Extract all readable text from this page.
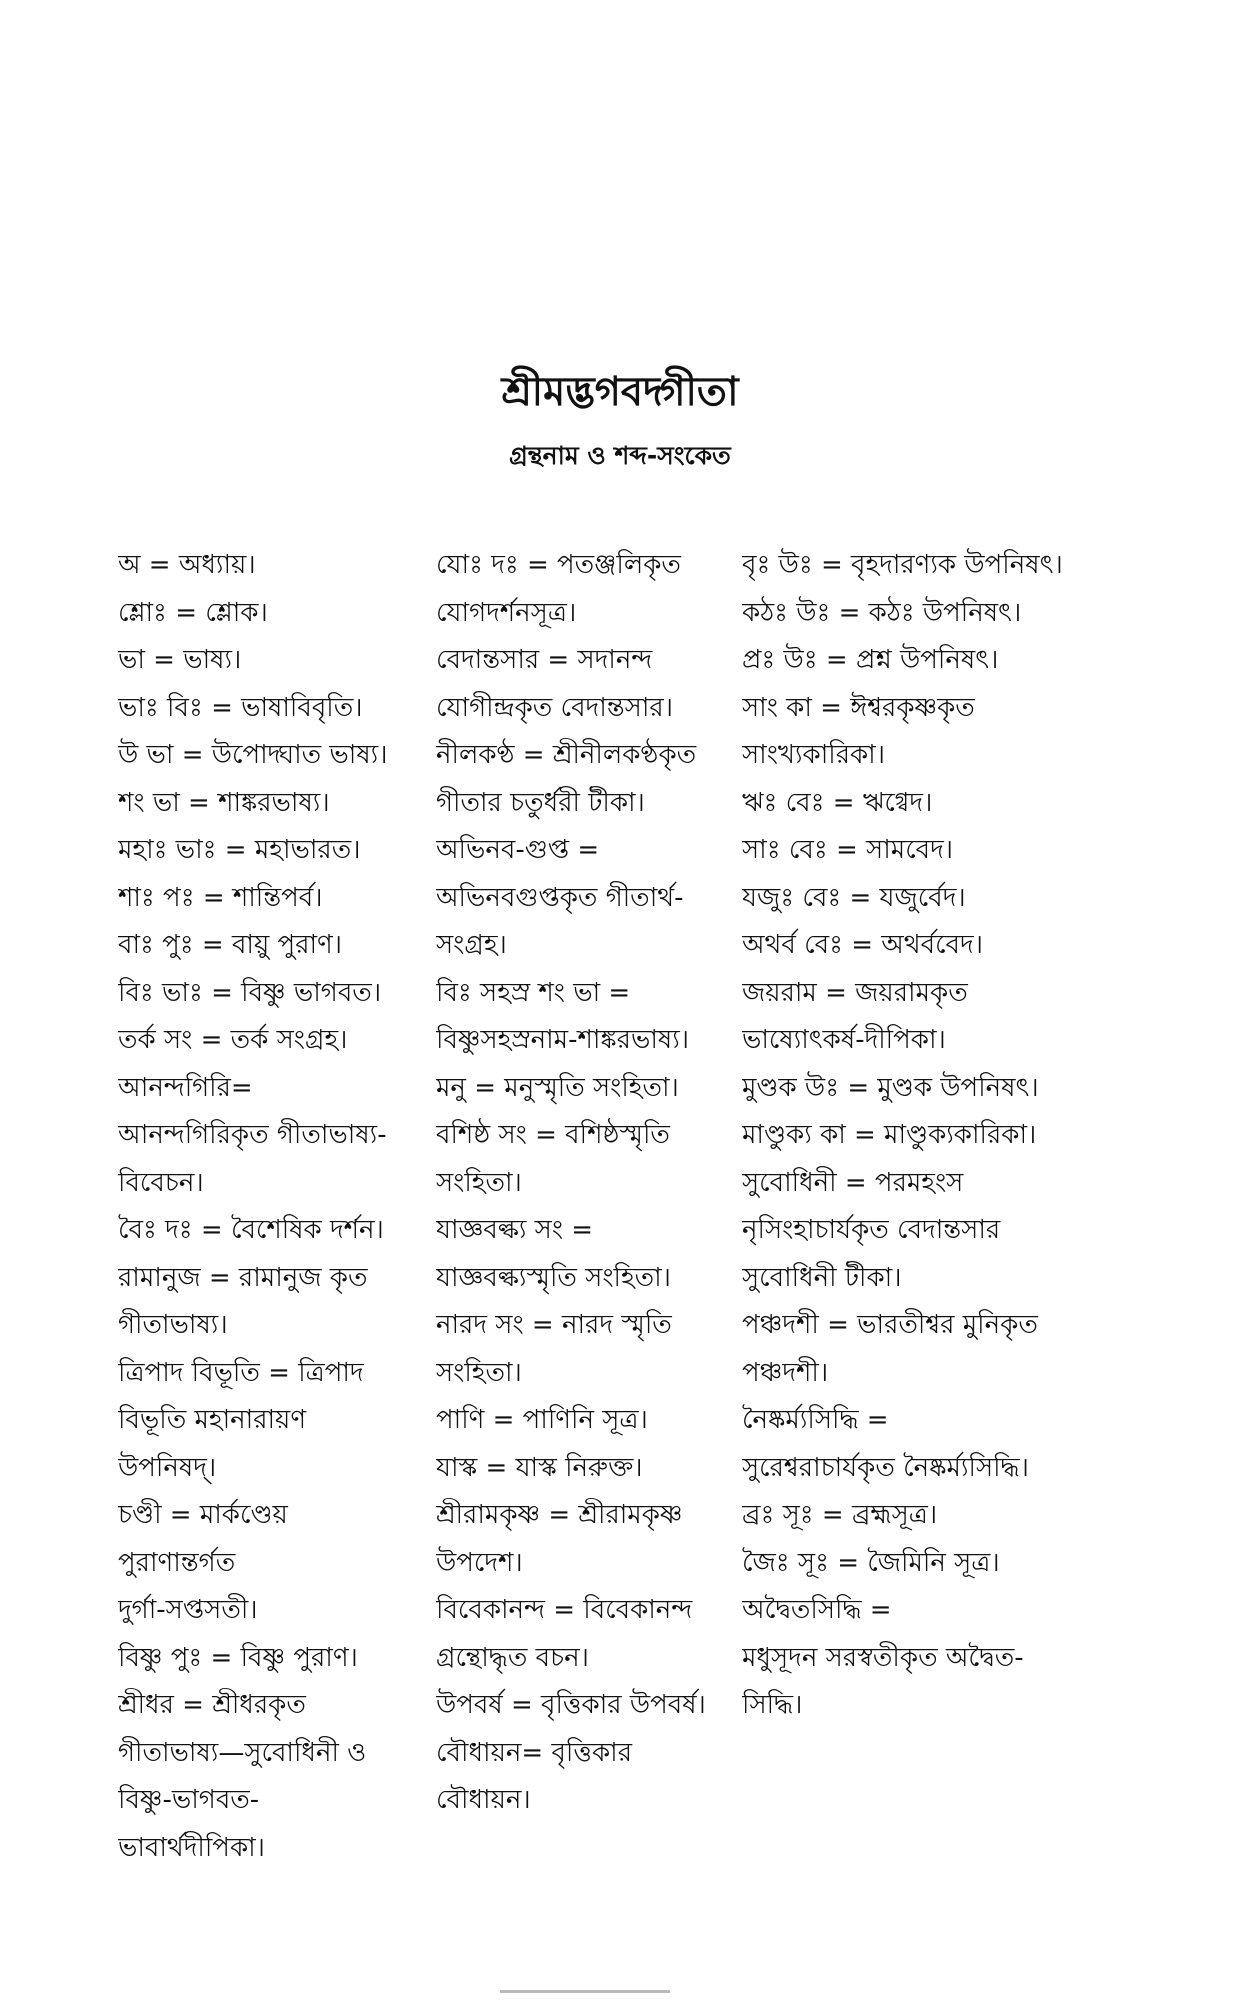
শ্রীমদ্ভগবদ্গীতা
গ্রন্থনাম ও শব্দ-সংকেত
অ = অধ্যায়।
শ্লোঃ = শ্লোক।
ভা = ভাষ্য।
ভাঃ বিঃ = ভাষাবিবৃতি।
উ ভা = উপোদ্ঘাত ভাষ্য।
শং ভা = শাঙ্করভাষ্য।
মহাঃ ভাঃ = মহাভারত।
শাঃ পঃ = শান্তিপর্ব।
বাঃ পুঃ = বায়ু পুরাণ।
বিঃ ভাঃ = বিষ্ণু ভাগবত।
তর্ক সং = তর্ক সংগ্রহ।
আনন্দগিরি=
আনন্দগিরিকৃত গীতাভাষ্য-
বিবেচন।
বৈঃ দঃ = বৈশেষিক দর্শন।
রামানুজ = রামানুজ কৃত
গীতাভাষ্য।
ত্রিপাদ বিভূতি = ত্রিপাদ
বিভূতি মহানারায়ণ
উপনিষদ্।
চণ্ডী = মার্কণ্ডেয়
পুরাণান্তর্গত
দুর্গা-সপ্তসতী।
বিষ্ণু পুঃ = বিষ্ণু পুরাণ।
শ্রীধর = শ্রীধরকৃত
গীতাভাষ্য—সুবোধিনী ও
বিষ্ণু-ভাগবত-
ভাবার্থদীপিকা।
যোঃ দঃ = পতঞ্জলিকৃত
যোগদর্শনসূত্র।
বেদান্তসার = সদানন্দ
যোগীন্দ্রকৃত বেদান্তসার।
নীলকণ্ঠ = শ্রীনীলকণ্ঠকৃত
গীতার চতুর্ধরী টীকা।
অভিনব-গুপ্ত =
অভিনবগুপ্তকৃত গীতার্থ-
সংগ্রহ।
বিঃ সহস্র শং ভা =
বিষ্ণুসহস্রনাম-শাঙ্করভাষ্য।
মনু = মনুস্মৃতি সংহিতা।
বশিষ্ঠ সং = বশিষ্ঠস্মৃতি
সংহিতা।
যাজ্ঞবল্ক্য সং =
যাজ্ঞবল্ক্যস্মৃতি সংহিতা।
নারদ সং = নারদ স্মৃতি
সংহিতা।
পাণি = পাণিনি সূত্র।
যাস্ক = যাস্ক নিরুক্ত।
শ্রীরামকৃষ্ণ = শ্রীরামকৃষ্ণ
উপদেশ।
বিবেকানন্দ = বিবেকানন্দ
গ্রন্থোদ্ধৃত বচন।
উপবর্ষ = বৃত্তিকার উপবর্ষ।
বৌধায়ন= বৃত্তিকার
বৌধায়ন।
বৃঃ উঃ = বৃহদারণ্যক উপনিষৎ।
কঠঃ উঃ = কঠঃ উপনিষৎ।
প্রঃ উঃ = প্রশ্ন উপনিষৎ।
সাং কা = ঈশ্বরকৃষ্ণকৃত
সাংখ্যকারিকা।
ঋঃ বেঃ = ঋগ্বেদ।
সাঃ বেঃ = সামবেদ।
যজুঃ বেঃ = যজুর্বেদ।
অথর্ব বেঃ = অথর্ববেদ।
জয়রাম = জয়রামকৃত
ভাষ্যোৎকর্ষ-দীপিকা।
মুণ্ডক উঃ = মুণ্ডক উপনিষৎ।
মাণ্ডুক্য কা = মাণ্ডুক্যকারিকা।
সুবোধিনী = পরমহংস
নৃসিংহাচার্যকৃত বেদান্তসার
সুবোধিনী টীকা।
পঞ্চদশী = ভারতীশ্বর মুনিকৃত
পঞ্চদশী।
নৈষ্কর্ম্যসিদ্ধি =
সুরেশ্বরাচার্যকৃত নৈষ্কর্ম্যসিদ্ধি।
ব্রঃ সূঃ = ব্রহ্মসূত্র।
জৈঃ সূঃ = জৈমিনি সূত্র।
অদ্বৈতসিদ্ধি =
মধুসূদন সরস্বতীকৃত অদ্বৈত-
সিদ্ধি।
